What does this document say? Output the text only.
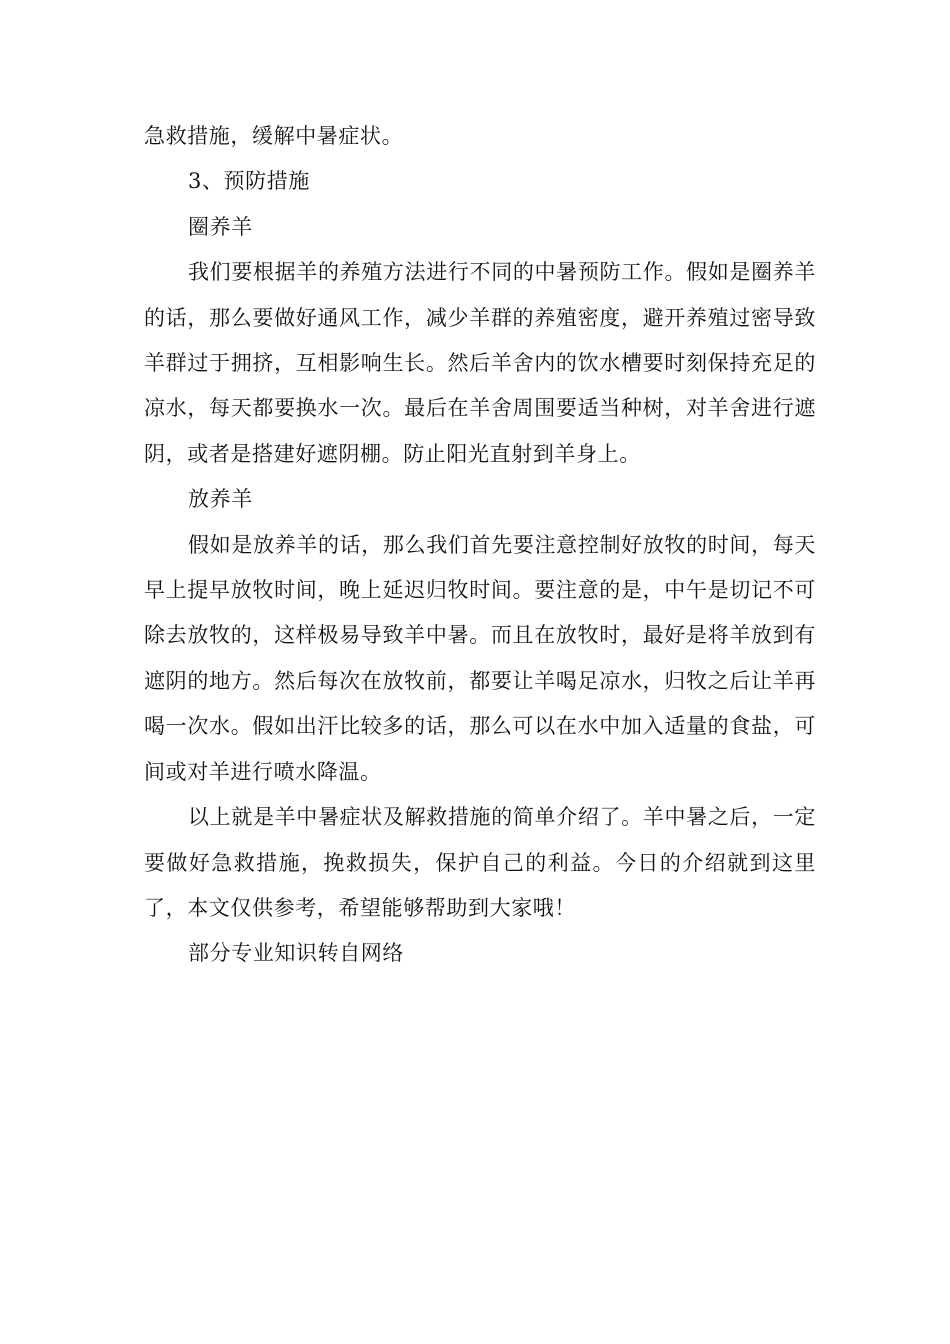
急救措施，缓解中暑症状。

3、预防措施

圈养羊

我们要根据羊的养殖方法进行不同的中暑预防工作。假如是圈养羊的话，那么要做好通风工作，减少羊群的养殖密度，避开养殖过密导致羊群过于拥挤，互相影响生长。然后羊舍内的饮水槽要时刻保持充足的凉水，每天都要换水一次。最后在羊舍周围要适当种树，对羊舍进行遮阴，或者是搭建好遮阴棚。防止阳光直射到羊身上。

放养羊

假如是放养羊的话，那么我们首先要注意控制好放牧的时间，每天早上提早放牧时间，晚上延迟归牧时间。要注意的是，中午是切记不可除去放牧的，这样极易导致羊中暑。而且在放牧时，最好是将羊放到有遮阴的地方。然后每次在放牧前，都要让羊喝足凉水，归牧之后让羊再喝一次水。假如出汗比较多的话，那么可以在水中加入适量的食盐，可间或对羊进行喷水降温。

以上就是羊中暑症状及解救措施的简单介绍了。羊中暑之后，一定要做好急救措施，挽救损失，保护自己的利益。今日的介绍就到这里了，本文仅供参考，希望能够帮助到大家哦！

部分专业知识转自网络
